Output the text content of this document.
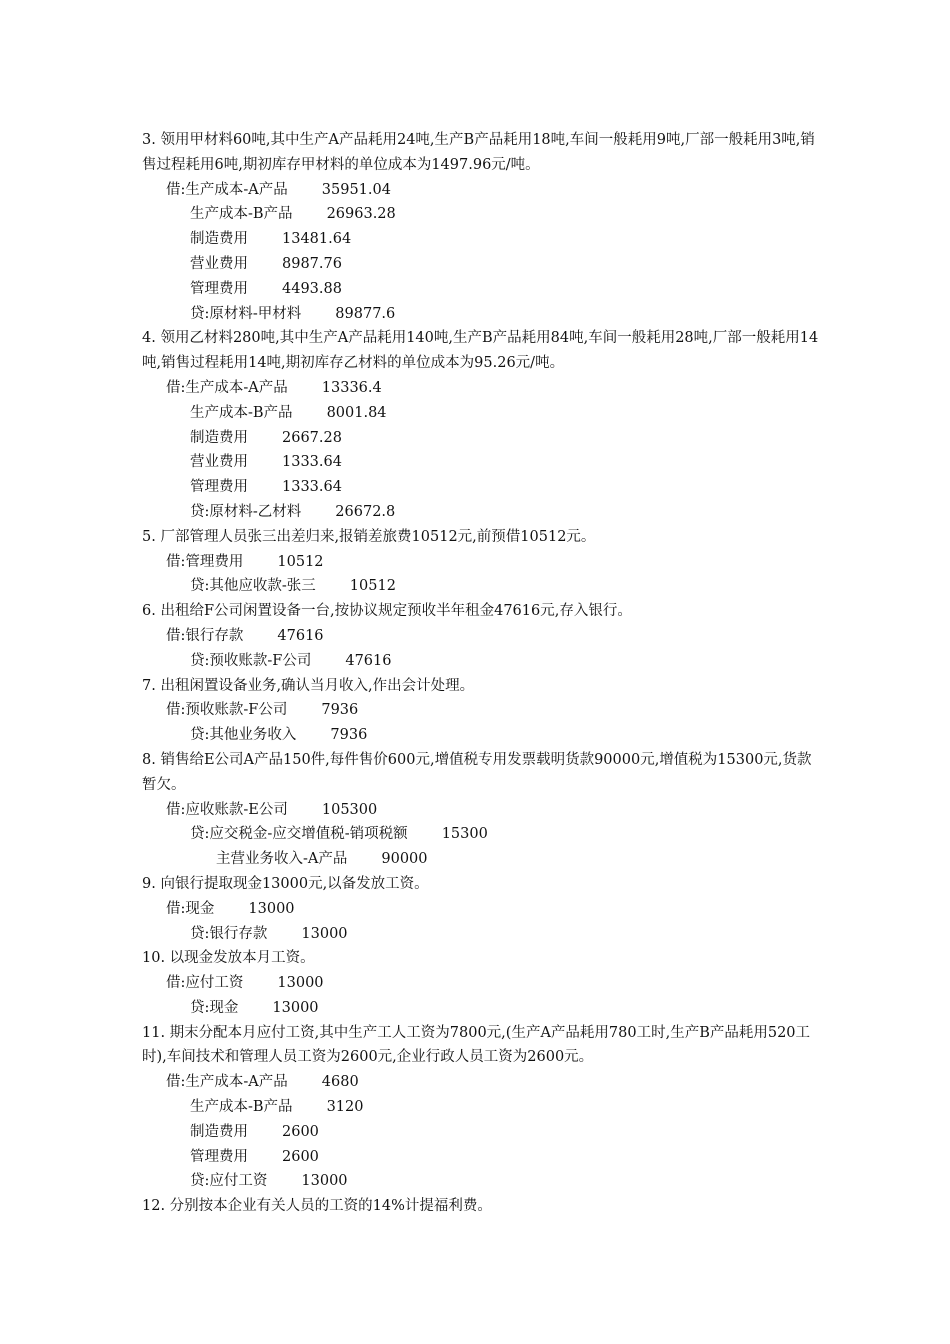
3. 领用甲材料60吨,其中生产A产品耗用24吨,生产B产品耗用18吨,车间一般耗用9吨,厂部一般耗用3吨,销售过程耗用6吨,期初库存甲材料的单位成本为1497.96元/吨。
借:生产成本-A产品 35951.04
生产成本-B产品 26963.28
制造费用 13481.64
营业费用 8987.76
管理费用 4493.88
贷:原材料-甲材料 89877.6
4. 领用乙材料280吨,其中生产A产品耗用140吨,生产B产品耗用84吨,车间一般耗用28吨,厂部一般耗用14吨,销售过程耗用14吨,期初库存乙材料的单位成本为95.26元/吨。
借:生产成本-A产品 13336.4
生产成本-B产品 8001.84
制造费用 2667.28
营业费用 1333.64
管理费用 1333.64
贷:原材料-乙材料 26672.8
5. 厂部管理人员张三出差归来,报销差旅费10512元,前预借10512元。
借:管理费用 10512
贷:其他应收款-张三 10512
6. 出租给F公司闲置设备一台,按协议规定预收半年租金47616元,存入银行。
借:银行存款 47616
贷:预收账款-F公司 47616
7. 出租闲置设备业务,确认当月收入,作出会计处理。
借:预收账款-F公司 7936
贷:其他业务收入 7936
8. 销售给E公司A产品150件,每件售价600元,增值税专用发票载明货款90000元,增值税为15300元,货款暂欠。
借:应收账款-E公司 105300
贷:应交税金-应交增值税-销项税额 15300
主营业务收入-A产品 90000
9. 向银行提取现金13000元,以备发放工资。
借:现金 13000
贷:银行存款 13000
10. 以现金发放本月工资。
借:应付工资 13000
贷:现金 13000
11. 期末分配本月应付工资,其中生产工人工资为7800元,(生产A产品耗用780工时,生产B产品耗用520工时),车间技术和管理人员工资为2600元,企业行政人员工资为2600元。
借:生产成本-A产品 4680
生产成本-B产品 3120
制造费用 2600
管理费用 2600
贷:应付工资 13000
12. 分别按本企业有关人员的工资的14%计提福利费。
